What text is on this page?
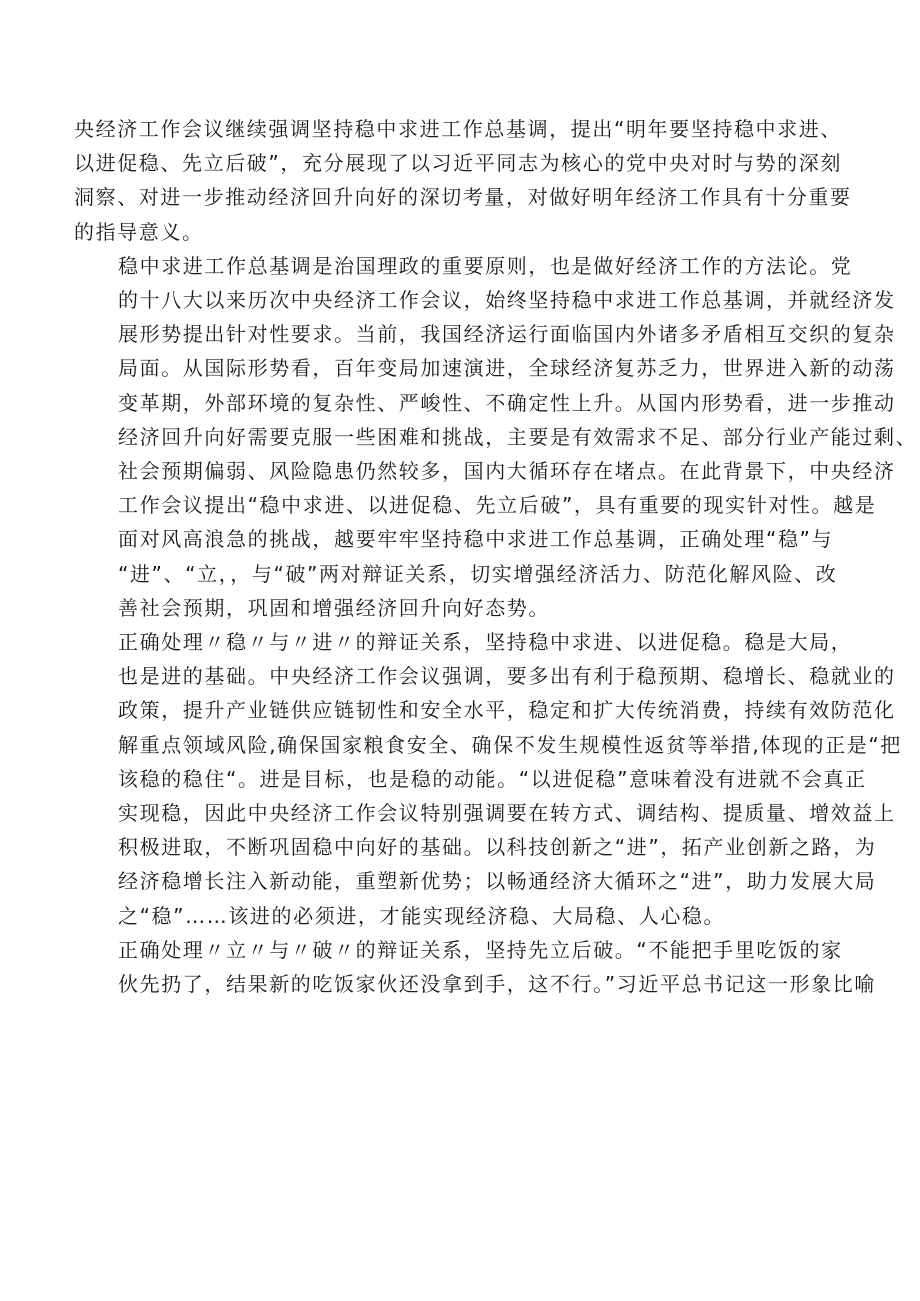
央经济工作会议继续强调坚持稳中求进工作总基调，提出“明年要坚持稳中求进、
以进促稳、先立后破”，充分展现了以习近平同志为核心的党中央对时与势的深刻
洞察、对进一步推动经济回升向好的深切考量，对做好明年经济工作具有十分重要
的指导意义。

稳中求进工作总基调是治国理政的重要原则，也是做好经济工作的方法论。党
的十八大以来历次中央经济工作会议，始终坚持稳中求进工作总基调，并就经济发
展形势提出针对性要求。当前，我国经济运行面临国内外诸多矛盾相互交织的复杂
局面。从国际形势看，百年变局加速演进，全球经济复苏乏力，世界进入新的动荡
变革期，外部环境的复杂性、严峻性、不确定性上升。从国内形势看，进一步推动
经济回升向好需要克服一些困难和挑战，主要是有效需求不足、部分行业产能过剩、
社会预期偏弱、风险隐患仍然较多，国内大循环存在堵点。在此背景下，中央经济
工作会议提出“稳中求进、以进促稳、先立后破”，具有重要的现实针对性。越是
面对风高浪急的挑战，越要牢牢坚持稳中求进工作总基调，正确处理“稳”与
“进”、“立，，与“破”两对辩证关系，切实增强经济活力、防范化解风险、改
善社会预期，巩固和增强经济回升向好态势。

正确处理〃稳〃与〃进〃的辩证关系，坚持稳中求进、以进促稳。稳是大局，
也是进的基础。中央经济工作会议强调，要多出有利于稳预期、稳增长、稳就业的
政策，提升产业链供应链韧性和安全水平，稳定和扩大传统消费，持续有效防范化
解重点领域风险,确保国家粮食安全、确保不发生规模性返贫等举措,体现的正是“把
该稳的稳住“。进是目标，也是稳的动能。“以进促稳”意味着没有进就不会真正
实现稳，因此中央经济工作会议特别强调要在转方式、调结构、提质量、增效益上
积极进取，不断巩固稳中向好的基础。以科技创新之“进”，拓产业创新之路，为
经济稳增长注入新动能，重塑新优势；以畅通经济大循环之“进”，助力发展大局
之“稳”……该进的必须进，才能实现经济稳、大局稳、人心稳。

正确处理〃立〃与〃破〃的辩证关系，坚持先立后破。“不能把手里吃饭的家
伙先扔了，结果新的吃饭家伙还没拿到手，这不行。”习近平总书记这一形象比喻
